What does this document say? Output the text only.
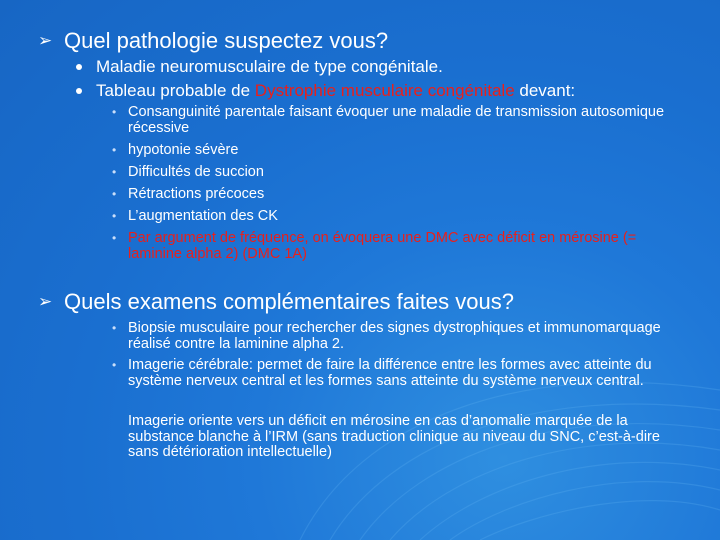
➢ Quel pathologie suspectez vous?
Maladie neuromusculaire de type congénitale.
Tableau probable de Dystrophie musculaire congénitale devant:
• Consanguinité parentale faisant évoquer une maladie de transmission autosomique récessive
• hypotonie sévère
• Difficultés de succion
• Rétractions précoces
• L’augmentation des CK
• Par argument de fréquence, on évoquera une DMC avec déficit en mérosine (= laminine alpha 2) (DMC 1A)
➢ Quels examens complémentaires faites vous?
• Biopsie musculaire pour rechercher des signes dystrophiques et immunomarquage réalisé contre la laminine alpha 2.
• Imagerie cérébrale: permet de faire la différence entre les formes avec atteinte du système nerveux central et les formes sans atteinte du système nerveux central.
Imagerie oriente vers un déficit en mérosine en cas d’anomalie marquée de la substance blanche à l’IRM (sans traduction clinique au niveau du SNC, c’est-à-dire sans détérioration intellectuelle)
